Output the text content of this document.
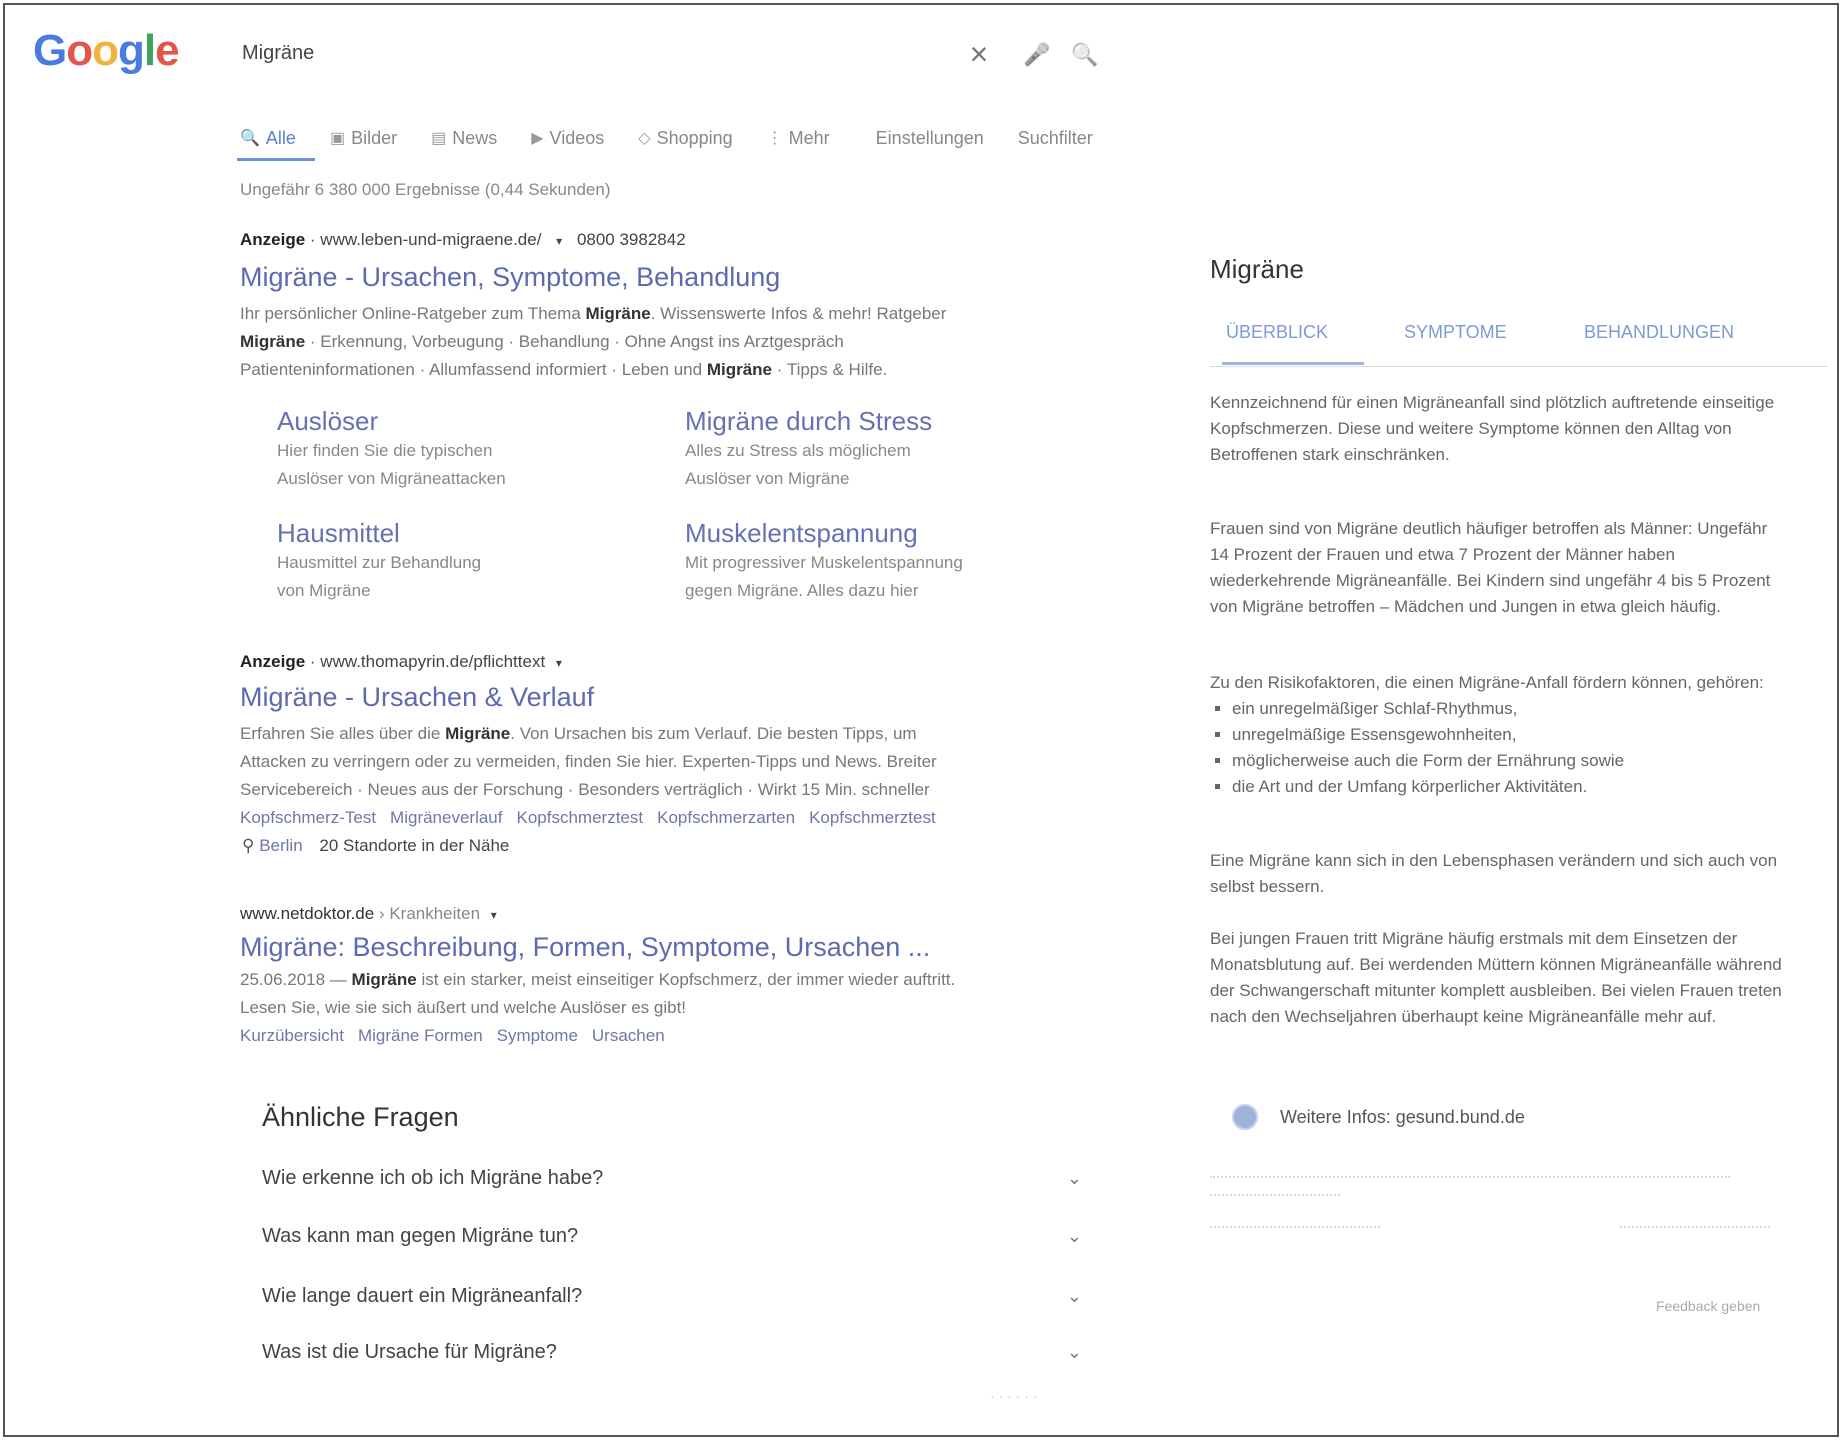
Google	Migräne	× 🎤 🔍
🔍 Alle ▣ Bilder ▤ News ▶ Videos ◇ Shopping ⋮ Mehr	Einstellungen Suchfilter
Ungefähr 6 380 000 Ergebnisse (0,44 Sekunden)
Anzeige · www.leben-und-migraene.de/ ▾ 0800 3982842
Migräne - Ursachen, Symptome, Behandlung
Ihr persönlicher Online-Ratgeber zum Thema Migräne. Wissenswerte Infos & mehr! Ratgeber
Migräne · Erkennung, Vorbeugung · Behandlung · Ohne Angst ins Arztgespräch
Patienteninformationen · Allumfassend informiert · Leben und Migräne · Tipps & Hilfe.
Auslöser
Hier finden Sie die typischen
Auslöser von Migräneattacken
Migräne durch Stress
Alles zu Stress als möglichem
Auslöser von Migräne
Hausmittel
Hausmittel zur Behandlung
von Migräne
Muskelentspannung
Mit progressiver Muskelentspannung
gegen Migräne. Alles dazu hier
Anzeige · www.thomapyrin.de/pflichttext ▾
Migräne - Ursachen & Verlauf
Erfahren Sie alles über die Migräne. Von Ursachen bis zum Verlauf. Die besten Tipps, um
Attacken zu verringern oder zu vermeiden, finden Sie hier. Experten-Tipps und News. Breiter
Servicebereich · Neues aus der Forschung · Besonders verträglich · Wirkt 15 Min. schneller
Kopfschmerz-Test Migräneverlauf Kopfschmerztest Kopfschmerzarten Kopfschmerztest
⚲ Berlin 20 Standorte in der Nähe
www.netdoktor.de › Krankheiten ▾
Migräne: Beschreibung, Formen, Symptome, Ursachen ...
25.06.2018 — Migräne ist ein starker, meist einseitiger Kopfschmerz, der immer wieder auftritt.
Lesen Sie, wie sie sich äußert und welche Auslöser es gibt!
Kurzübersicht Migräne Formen Symptome Ursachen
Ähnliche Fragen
Wie erkenne ich ob ich Migräne habe?	⌄
Was kann man gegen Migräne tun?	⌄
Wie lange dauert ein Migräneanfall?	⌄
Was ist die Ursache für Migräne?	⌄
· · · · · ·
Migräne
ÜBERBLICK	SYMPTOME	BEHANDLUNGEN
Kennzeichnend für einen Migräneanfall sind plötzlich auftretende einseitige Kopfschmerzen. Diese und weitere Symptome können den Alltag von Betroffenen stark einschränken.
Frauen sind von Migräne deutlich häufiger betroffen als Männer: Ungefähr 14 Prozent der Frauen und etwa 7 Prozent der Männer haben wiederkehrende Migräneanfälle. Bei Kindern sind ungefähr 4 bis 5 Prozent von Migräne betroffen – Mädchen und Jungen in etwa gleich häufig.
Zu den Risikofaktoren, die einen Migräne-Anfall fördern können, gehören:
▪ ein unregelmäßiger Schlaf-Rhythmus,
▪ unregelmäßige Essensgewohnheiten,
▪ möglicherweise auch die Form der Ernährung sowie
▪ die Art und der Umfang körperlicher Aktivitäten.
Eine Migräne kann sich in den Lebensphasen verändern und sich auch von selbst bessern.
Bei jungen Frauen tritt Migräne häufig erstmals mit dem Einsetzen der Monatsblutung auf. Bei werdenden Müttern können Migräneanfälle während der Schwangerschaft mitunter komplett ausbleiben. Bei vielen Frauen treten nach den Wechseljahren überhaupt keine Migräneanfälle mehr auf.
Weitere Infos: gesund.bund.de
Feedback geben
